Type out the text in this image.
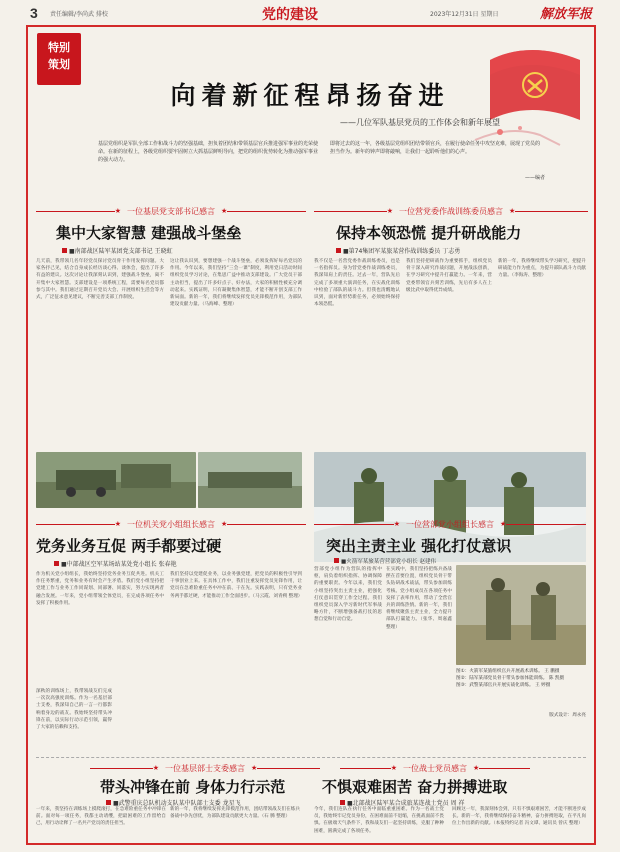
3 责任编辑/李尚武 排校	党的建设	2023年12月31日 星期日	解放军报
特别
策划
向着新征程昂扬奋进
——几位军队基层党员的工作体会和新年展望
基层党组织是军队全部工作和战斗力的坚强基础，担负着团结和带领基层官兵推进强军事业的光荣使命。在新的征程上，各级党组织要牢固树立大抓基层鲜明导向，把党的组织优势转化为推动强军事业的强大动力。
即将过去的这一年，各级基层党组织团结带领官兵，在履行使命任务中攻坚克难，展现了党员的担当作为。新年的钟声即将敲响，让我们一起聆听他们的心声。
——编者
★ 一位基层党支部书记感言 ★
集中大家智慧 建强战斗堡垒
■南部战区陆军某团党支部书记 王晓虹
几天前，我带领几名年轻党员探讨党员骨干作用发挥问题。大家各抒己见，结合自身成长经历谈心得、谈体会，提出了许多有益的建议。这次讨论让我深刻认识到，建强战斗堡垒，离不开集中大家智慧。支部建设是一项系统工程，需要每名党员都参与其中。我们通过定期召开党员大会、开展组织生活会等方式，广泛征求意见建议，不断完善支部工作制度。
这让我认识到，要想建强一个战斗堡垒，必须发挥好每名党员的作用。今年以来，我们坚持“三会一课”制度，利用党日活动时间组织党员学习讨论，在集思广益中推动支部建设。广大党员干部主动担当，提出了许多好点子、好办法，大家的积极性被充分调动起来。实践证明，只有凝聚集体智慧，才能不断开创支部工作新局面。新的一年，我们将继续发挥党员先锋模范作用，为部队建设贡献力量。（马海峰、整理）
★ 一位营党委作战训练委员感言 ★
保持本领恐慌 提升研战能力
■第74集团军某旅某营作战训练委员 丁志勇
我不仅是一名营党委作战训练委员，也是一名指挥员。身为营党委作战训练委员，我深知肩上的责任。过去一年，营队先后完成了多项重大演训任务，在实战化训练中检验了部队的战斗力。但我也清醒地认识到，面对新形势新任务，必须始终保持本领恐慌。
我们坚持把研战作为重要抓手，组织党员骨干深入研究作战问题，开展战法创新，在学习研究中提升打赢能力。一年来，营党委带领官兵刻苦训练，先后有多人在上级比武中取得优异成绩。
新的一年，我将继续带头学习研究，把提升研战能力作为重点，为提升部队战斗力贡献力量。（李海涛、整理）
★ 一位机关党小组组长感言 ★
党务业务互促 两手都要过硬
■中部战区空军某场站某处党小组长 张春艳
作为机关党小组组长，我始终坚持党务业务互促共进。机关工作任务繁重，党务和业务有时会产生矛盾。我们党小组坚持把党建工作与业务工作同谋划、同部署、同落实，努力实现两者融合发展。一年来，党小组带领全体党员，在完成各项任务中发挥了积极作用。
我们坚持以党建促业务，以业务强党建，把党员的积极性引导到干事创业上来。在具体工作中，我们注重发挥党员先锋作用，让党员在急难险重任务中冲在前、干在先。实践表明，只有党务业务两手都过硬，才能推动工作全面进步。（马云霞、刘青朔 整理）
营部党小组作为营队的指挥中枢，肩负着组织指挥、协调保障的重要职责。今年以来，我们党小组坚持突出主责主业，把强化打仗意识贯穿工作全过程。我们组织党员深入学习新时代军事战略方针，不断增强备战打仗的思想自觉和行动自觉。
在实践中，我们坚持把练兵备战摆在首要位置，组织党员骨干带头钻研战术战法，带头参加训练考核。党小组成员在各项任务中发挥了表率作用，带动了全营官兵的训练热情。新的一年，我们将继续聚焦主责主业，全力提升部队打赢能力。（张华、周嘉鑫 整理）
图①：火箭军某旅组织官兵开展战术训练。 王 鹏摄
图②：陆军某部党员骨干带头参加体能训练。 陈 凯摄
图③：武警某部官兵开展实战化训练。 王 婷摄
版式设计：周永亮
★ 一位营部党小组组长感言 ★
突出主责主业 强化打仗意识
■火箭军某旅某营营部党小组长 赵建伟
★ 一位基层部士支委感言 ★
带头冲锋在前 身体力行示范
■武警重庆总队机动支队某中队部士支委 龙星飞
深秋的训练场上，我带领战友们完成一次次高强度训练。作为一名基层部士支委，我深知自己的一言一行都影响着身边的战友。我始终坚持带头冲锋在前，以实际行动示范引领，赢得了大家的信赖和支持。
一年来，我坚持在训练场上摸爬滚打，在急难险重任务中冲锋在前。面对每一项任务，我都主动请缨，把最困难的工作留给自己，用行动诠释了一名共产党员的责任担当。
新的一年，我将继续发挥先锋模范作用，团结带领战友们在练兵备战中争先创优，为部队建设贡献更大力量。（石 腾 整理）
★ 一位战士党员感言 ★
不惧艰难困苦 奋力拼搏进取
■北部战区陆军某合成旅某连战士党员 周 祥
今年，我们连队在执行任务中面临重重困难。作为一名战士党员，我始终牢记党员身份，在困难面前不退缩，在挑战面前不畏惧。在极端天气条件下，我和战友们一起坚持训练，克服了种种困难，圆满完成了各项任务。
回顾这一年，我深刻体会到，只有不惧艰难困苦，才能不断进步成长。新的一年，我将继续保持奋斗精神，奋力拼搏进取，在平凡岗位上作出新的贡献。（本报特约记者 冯文谭、通讯员 曾庆 整理）
